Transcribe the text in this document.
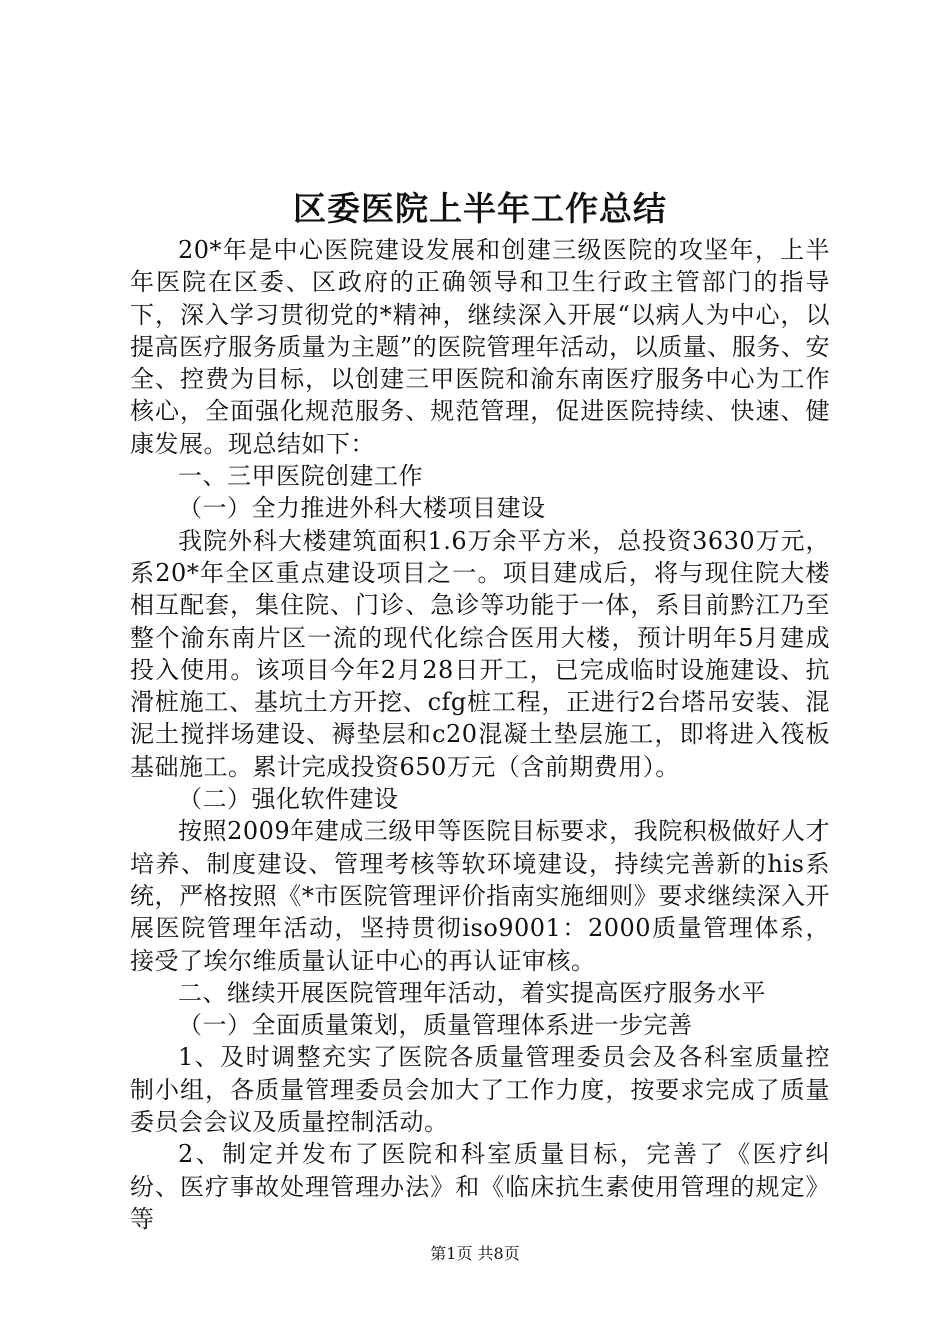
区委医院上半年工作总结

20*年是中心医院建设发展和创建三级医院的攻坚年，上半年医院在区委、区政府的正确领导和卫生行政主管部门的指导下，深入学习贯彻党的*精神，继续深入开展“以病人为中心，以提高医疗服务质量为主题”的医院管理年活动，以质量、服务、安全、控费为目标，以创建三甲医院和渝东南医疗服务中心为工作核心，全面强化规范服务、规范管理，促进医院持续、快速、健康发展。现总结如下：

一、三甲医院创建工作

（一）全力推进外科大楼项目建设

我院外科大楼建筑面积1.6万余平方米，总投资3630万元，系20*年全区重点建设项目之一。项目建成后，将与现住院大楼相互配套，集住院、门诊、急诊等功能于一体，系目前黔江乃至整个渝东南片区一流的现代化综合医用大楼，预计明年5月建成投入使用。该项目今年2月28日开工，已完成临时设施建设、抗滑桩施工、基坑土方开挖、cfg桩工程，正进行2台塔吊安装、混泥土搅拌场建设、褥垫层和c20混凝土垫层施工，即将进入筏板基础施工。累计完成投资650万元（含前期费用）。

（二）强化软件建设

按照2009年建成三级甲等医院目标要求，我院积极做好人才培养、制度建设、管理考核等软环境建设，持续完善新的his系统，严格按照《*市医院管理评价指南实施细则》要求继续深入开展医院管理年活动，坚持贯彻iso9001：2000质量管理体系，接受了埃尔维质量认证中心的再认证审核。

二、继续开展医院管理年活动，着实提高医疗服务水平

（一）全面质量策划，质量管理体系进一步完善

1、及时调整充实了医院各质量管理委员会及各科室质量控制小组，各质量管理委员会加大了工作力度，按要求完成了质量委员会会议及质量控制活动。

2、制定并发布了医院和科室质量目标，完善了《医疗纠纷、医疗事故处理管理办法》和《临床抗生素使用管理的规定》等

第1页 共8页
